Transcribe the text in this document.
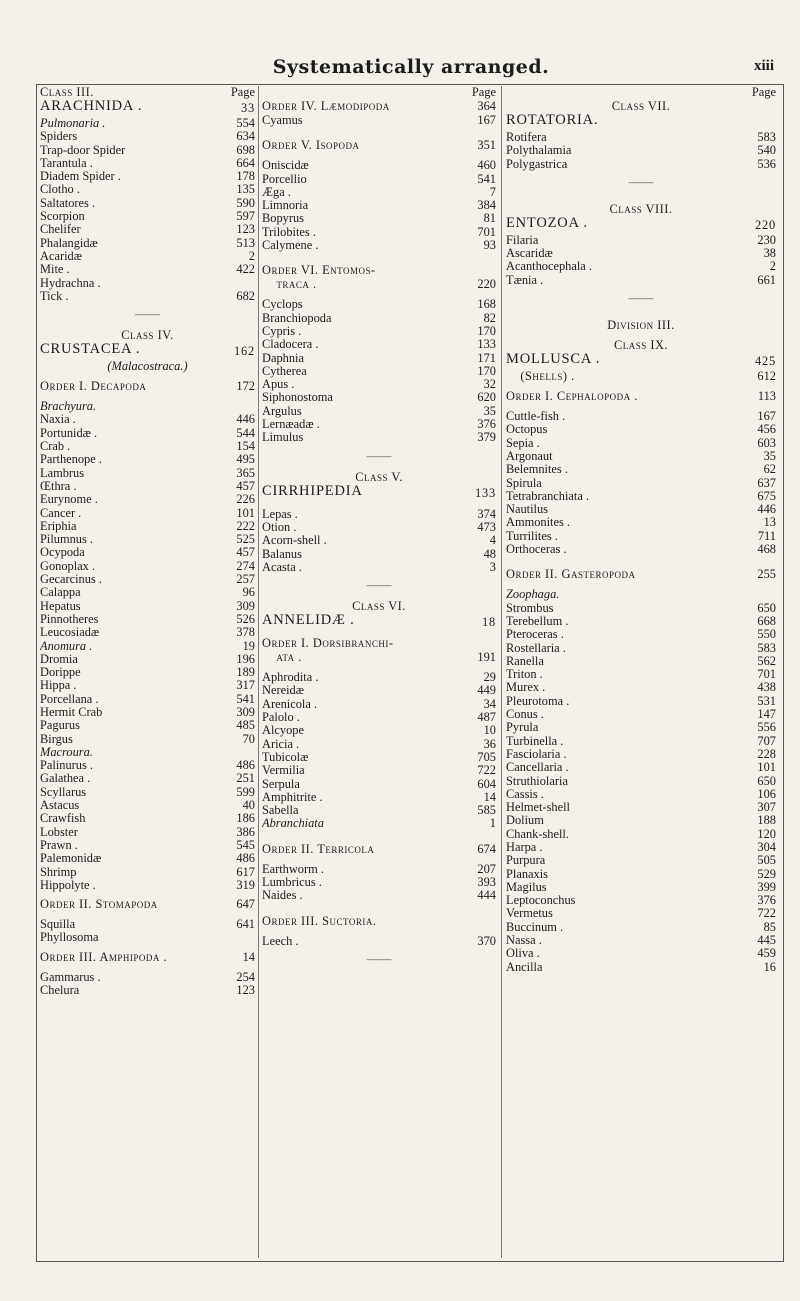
Systematically arranged.	xiii
Class III.	Page
ARACHNIDA .	33
Pulmonaria .	554
Spiders	634
Trap-door Spider	698
Tarantula .	664
Diadem Spider .	178
Clotho .	135
Saltatores .	590
Scorpion	597
Chelifer	123
Phalangidæ	513
Acaridæ	2
Mite .	422
Hydrachna .
Tick .	682
——
Class IV.
CRUSTACEA .	162
(Malacostraca.)
Order I. Decapoda	172
Brachyura.
Naxia .	446
Portunidæ .	544
Crab .	154
Parthenope .	495
Lambrus	365
Œthra .	457
Eurynome .	226
Cancer .	101
Eriphia	222
Pilumnus .	525
Ocypoda	457
Gonoplax .	274
Gecarcinus .	257
Calappa	96
Hepatus	309
Pinnotheres	526
Leucosiadæ	378
Anomura .	19
Dromia	196
Dorippe	189
Hippa .	317
Porcellana .	541
Hermit Crab	309
Pagurus	485
Birgus	70
Macroura.
Palinurus .	486
Galathea .	251
Scyllarus	599
Astacus	40
Crawfish	186
Lobster	386
Prawn .	545
Palemonidæ	486
Shrimp	617
Hippolyte .	319
Order II. Stomapoda	647
Squilla	641
Phyllosoma
Order III. Amphipoda .	14
Gammarus .	254
Chelura	123
Page
Order IV. Læmodipoda	364
Cyamus	167
Order V. Isopoda	351
Oniscidæ	460
Porcellio	541
Ægа .	7
Limnoria	384
Bopyrus	81
Trilobites .	701
Calymene .	93
Order VI. Entomos-
traca .	220
Cyclops	168
Branchiopoda	82
Cypris .	170
Cladocera .	133
Daphnia	171
Cytherea	170
Apus .	32
Siphonostoma	620
Argulus	35
Lernæadæ .	376
Limulus	379
——
Class V.
CIRRHIPEDIA	133
Lepas .	374
Otion .	473
Acorn-shell .	4
Balanus	48
Acasta .	3
——
Class VI.
ANNELIDÆ .	18
Order I. Dorsibranchi-
ata .	191
Aphrodita .	29
Nereidæ	449
Arenicola .	34
Palolo .	487
Alcyope	10
Aricia .	36
Tubicolæ	705
Vermilia	722
Serpula	604
Amphitrite .	14
Sabella	585
Abranchiata	1
Order II. Terricola	674
Earthworm .	207
Lumbricus .	393
Naides .	444
Order III. Suctoria.
Leech .	370
——
Page
Class VII.
ROTATORIA.
Rotifera	583
Polythalamia	540
Polygastrica	536
——
Class VIII.
ENTOZOA .	220
Filaria	230
Ascaridæ	38
Acanthocephala .	2
Tænia .	661
——
Division III.
Class IX.
MOLLUSCA .	425
(Shells) .	612
Order I. Cephalopoda .	113
Cuttle-fish .	167
Octopus	456
Sepia .	603
Argonaut	35
Belemnites .	62
Spirula	637
Tetrabranchiata .	675
Nautilus	446
Ammonites .	13
Turrilites .	711
Orthoceras .	468
Order II. Gasteropoda	255
Zoophaga.
Strombus	650
Terebellum .	668
Pteroceras .	550
Rostellaria .	583
Ranella	562
Triton .	701
Murex .	438
Pleurotoma .	531
Conus .	147
Pyrula	556
Turbinella .	707
Fasciolaria .	228
Cancellaria .	101
Struthiolaria	650
Cassis .	106
Helmet-shell	307
Dolium	188
Chank-shell.	120
Harpa .	304
Purpura	505
Planaxis	529
Magilus	399
Leptoconchus	376
Vermetus	722
Buccinum .	85
Nassa .	445
Oliva .	459
Ancilla	16
